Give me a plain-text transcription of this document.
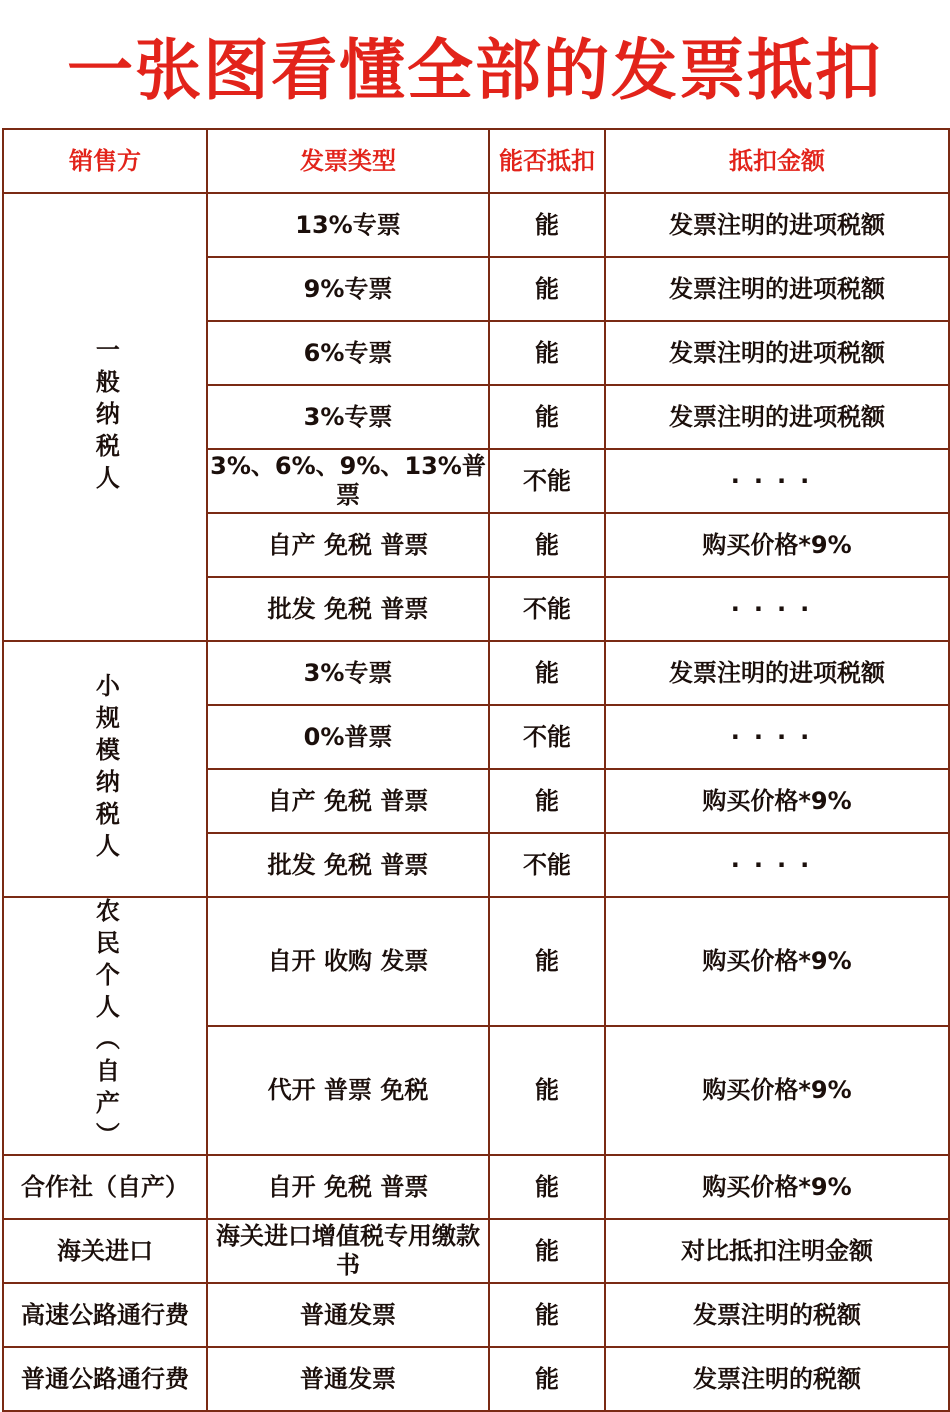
一张图看懂全部的发票抵扣
销售方	发票类型	能否抵扣	抵扣金额
一般纳税人	13%专票	能	发票注明的进项税额
	9%专票	能	发票注明的进项税额
	6%专票	能	发票注明的进项税额
	3%专票	能	发票注明的进项税额
	3%、6%、9%、13%普票	不能	····
	自产 免税 普票	能	购买价格*9%
	批发 免税 普票	不能	····
小规模纳税人	3%专票	能	发票注明的进项税额
	0%普票	不能	····
	自产 免税 普票	能	购买价格*9%
	批发 免税 普票	不能	····
农民个人（自产）	自开 收购 发票	能	购买价格*9%
	代开 普票 免税	能	购买价格*9%
合作社（自产）	自开 免税 普票	能	购买价格*9%
海关进口	海关进口增值税专用缴款书	能	对比抵扣注明金额
高速公路通行费	普通发票	能	发票注明的税额
普通公路通行费	普通发票	能	发票注明的税额
